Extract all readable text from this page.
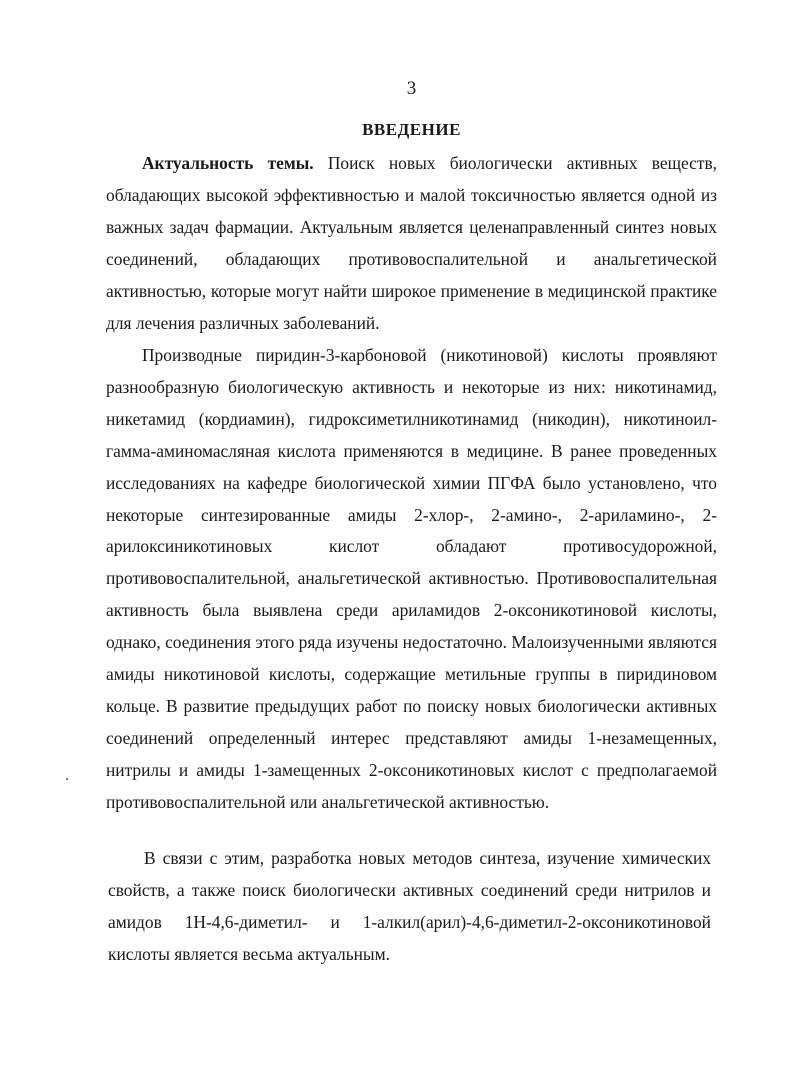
3
ВВЕДЕНИЕ

Актуальность темы. Поиск новых биологически активных веществ, обладающих высокой эффективностью и малой токсичностью является одной из важных задач фармации. Актуальным является целенаправленный синтез новых соединений, обладающих противовоспалительной и анальгетической активностью, которые могут найти широкое применение в медицинской практике для лечения различных заболеваний.

Производные пиридин-3-карбоновой (никотиновой) кислоты проявляют разнообразную биологическую активность и некоторые из них: никотинамид, никетамид (кордиамин), гидроксиметилникотинамид (никодин), никотиноил-гамма-аминомасляная кислота применяются в медицине. В ранее проведенных исследованиях на кафедре биологической химии ПГФА было установлено, что некоторые синтезированные амиды 2-хлор-, 2-амино-, 2-ариламино-, 2-арилоксиникотиновых кислот обладают противосудорожной, противовоспалительной, анальгетической активностью. Противовоспалительная активность была выявлена среди ариламидов 2-оксоникотиновой кислоты, однако, соединения этого ряда изучены недостаточно. Малоизученными являются амиды никотиновой кислоты, содержащие метильные группы в пиридиновом кольце. В развитие предыдущих работ по поиску новых биологически активных соединений определенный интерес представляют амиды 1-незамещенных, нитрилы и амиды 1-замещенных 2-оксоникотиновых кислот с предполагаемой противовоспалительной или анальгетической активностью.

В связи с этим, разработка новых методов синтеза, изучение химических свойств, а также поиск биологически активных соединений среди нитрилов и амидов 1Н-4,6-диметил- и 1-алкил(арил)-4,6-диметил-2-оксоникотиновой кислоты является весьма актуальным.
